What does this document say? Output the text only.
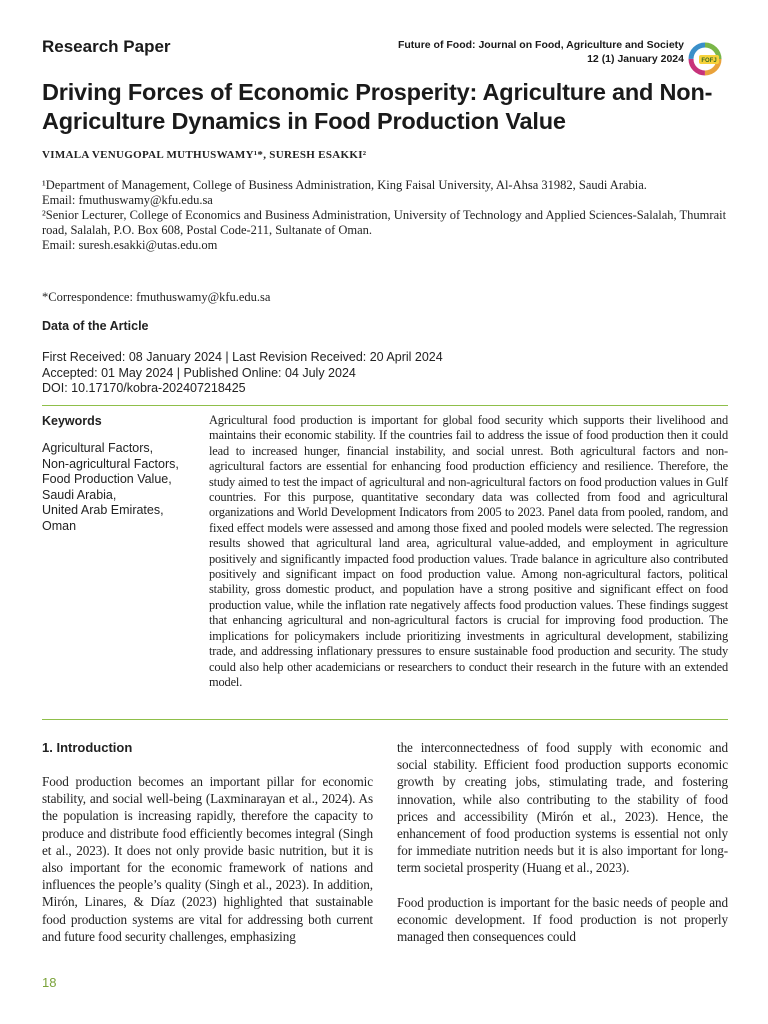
Research Paper	Future of Food: Journal on Food, Agriculture and Society
12 (1) January 2024	FOFJ
Driving Forces of Economic Prosperity: Agriculture and Non-Agriculture Dynamics in Food Production Value
VIMALA VENUGOPAL MUTHUSWAMY¹*, SURESH ESAKKI²

¹Department of Management, College of Business Administration, King Faisal University, Al-Ahsa 31982, Saudi Arabia.

Email: fmuthuswamy@kfu.edu.sa

²Senior Lecturer, College of Economics and Business Administration, University of Technology and Applied Sciences-Salalah, Thumrait road, Salalah, P.O. Box 608, Postal Code-211, Sultanate of Oman.

Email: suresh.esakki@utas.edu.om

*Correspondence: fmuthuswamy@kfu.edu.sa
Data of the Article

First Received: 08 January 2024 | Last Revision Received: 20 April 2024

Accepted: 01 May 2024 | Published Online: 04 July 2024

DOI: 10.17170/kobra-202407218425

Keywords
Agricultural Factors,
Non-agricultural Factors,
Food Production Value,
Saudi Arabia,
United Arab Emirates,
Oman
Agricultural food production is important for global food security which supports their livelihood and maintains their economic stability. If the countries fail to address the issue of food production then it could lead to increased hunger, financial instability, and social unrest. Both agricultural factors and non-agricultural factors are essential for enhancing food production efficiency and resilience. Therefore, the study aimed to test the impact of agricultural and non-agricultural factors on food production values in Gulf countries. For this purpose, quantitative secondary data was collected from food and agricultural organizations and World Development Indicators from 2005 to 2023. Panel data from pooled, random, and fixed effect models were assessed and among those fixed and pooled models were selected. The regression results showed that agricultural land area, agricultural value-added, and employment in agriculture positively and significantly impacted food production values. Trade balance in agriculture also contributed positively and significant impact on food production value. Among non-agricultural factors, political stability, gross domestic product, and population have a strong positive and significant effect on food production value, while the inflation rate negatively affects food production values. These findings suggest that enhancing agricultural and non-agricultural factors is crucial for improving food production. The implications for policymakers include prioritizing investments in agricultural development, stabilizing trade, and addressing inflationary pressures to ensure sustainable food production and security. The study could also help other academicians or researchers to conduct their research in the future with an extended model.
1. Introduction

Food production becomes an important pillar for economic stability, and social well-being (Laxminarayan et al., 2024). As the population is increasing rapidly, therefore the capacity to produce and distribute food efficiently becomes integral (Singh et al., 2023). It does not only provide basic nutrition, but it is also important for the economic framework of nations and influences the people’s quality (Singh et al., 2023). In addition, Mirón, Linares, & Díaz (2023) highlighted that sustainable food production systems are vital for addressing both current and future food security challenges, emphasizing

the interconnectedness of food supply with economic and social stability. Efficient food production supports economic growth by creating jobs, stimulating trade, and fostering innovation, while also contributing to the stability of food prices and accessibility (Mirón et al., 2023). Hence, the enhancement of food production systems is essential not only for immediate nutrition needs but it is also important for long-term societal prosperity (Huang et al., 2023).

Food production is important for the basic needs of people and economic development. If food production is not properly managed then consequences could

18
